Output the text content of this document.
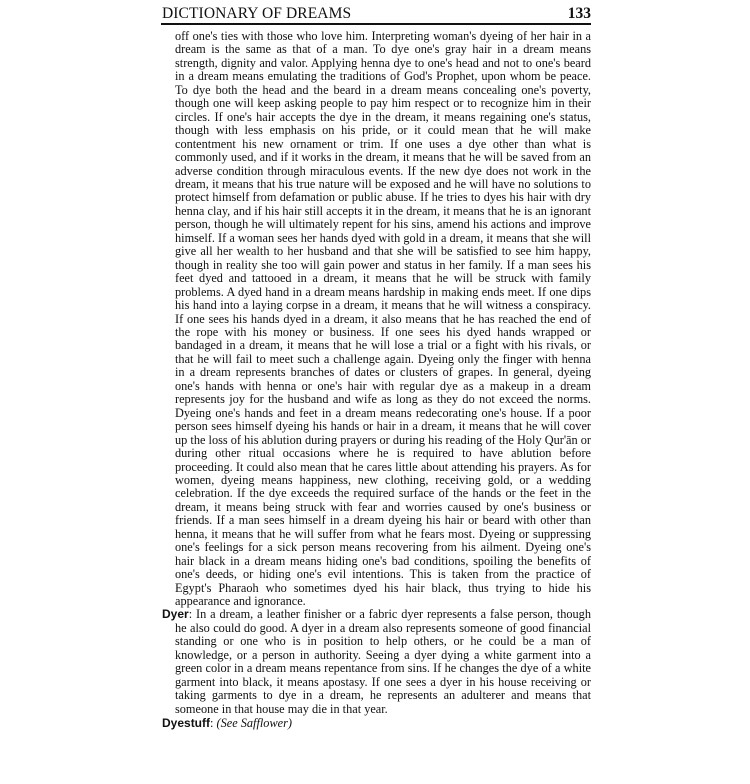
DICTIONARY OF DREAMS	133

off one's ties with those who love him. Interpreting woman's dyeing of her hair in a dream is the same as that of a man. To dye one's gray hair in a dream means strength, dignity and valor. Applying henna dye to one's head and not to one's beard in a dream means emulating the traditions of God's Prophet, upon whom be peace. To dye both the head and the beard in a dream means concealing one's poverty, though one will keep asking people to pay him respect or to recognize him in their circles. If one's hair accepts the dye in the dream, it means regaining one's status, though with less emphasis on his pride, or it could mean that he will make contentment his new ornament or trim. If one uses a dye other than what is commonly used, and if it works in the dream, it means that he will be saved from an adverse condition through miraculous events. If the new dye does not work in the dream, it means that his true nature will be exposed and he will have no solutions to protect himself from defamation or public abuse. If he tries to dyes his hair with dry henna clay, and if his hair still accepts it in the dream, it means that he is an ignorant person, though he will ultimately repent for his sins, amend his actions and improve himself. If a woman sees her hands dyed with gold in a dream, it means that she will give all her wealth to her husband and that she will be satisfied to see him happy, though in reality she too will gain power and status in her family. If a man sees his feet dyed and tattooed in a dream, it means that he will be struck with family problems. A dyed hand in a dream means hardship in making ends meet. If one dips his hand into a laying corpse in a dream, it means that he will witness a conspiracy. If one sees his hands dyed in a dream, it also means that he has reached the end of the rope with his money or business. If one sees his dyed hands wrapped or bandaged in a dream, it means that he will lose a trial or a fight with his rivals, or that he will fail to meet such a challenge again. Dyeing only the finger with henna in a dream represents branches of dates or clusters of grapes. In general, dyeing one's hands with henna or one's hair with regular dye as a makeup in a dream represents joy for the husband and wife as long as they do not exceed the norms. Dyeing one's hands and feet in a dream means redecorating one's house. If a poor person sees himself dyeing his hands or hair in a dream, it means that he will cover up the loss of his ablution during prayers or during his reading of the Holy Qur'ān or during other ritual occasions where he is required to have ablution before proceeding. It could also mean that he cares little about attending his prayers. As for women, dyeing means happiness, new clothing, receiving gold, or a wedding celebration. If the dye exceeds the required surface of the hands or the feet in the dream, it means being struck with fear and worries caused by one's business or friends. If a man sees himself in a dream dyeing his hair or beard with other than henna, it means that he will suffer from what he fears most. Dyeing or suppressing one's feelings for a sick person means recovering from his ailment. Dyeing one's hair black in a dream means hiding one's bad conditions, spoiling the benefits of one's deeds, or hiding one's evil intentions. This is taken from the practice of Egypt's Pharaoh who sometimes dyed his hair black, thus trying to hide his appearance and ignorance.

Dyer: In a dream, a leather finisher or a fabric dyer represents a false person, though he also could do good. A dyer in a dream also represents someone of good financial standing or one who is in position to help others, or he could be a man of knowledge, or a person in authority. Seeing a dyer dying a white garment into a green color in a dream means repentance from sins. If he changes the dye of a white garment into black, it means apostasy. If one sees a dyer in his house receiving or taking garments to dye in a dream, he represents an adulterer and means that someone in that house may die in that year.

Dyestuff: (See Safflower)
